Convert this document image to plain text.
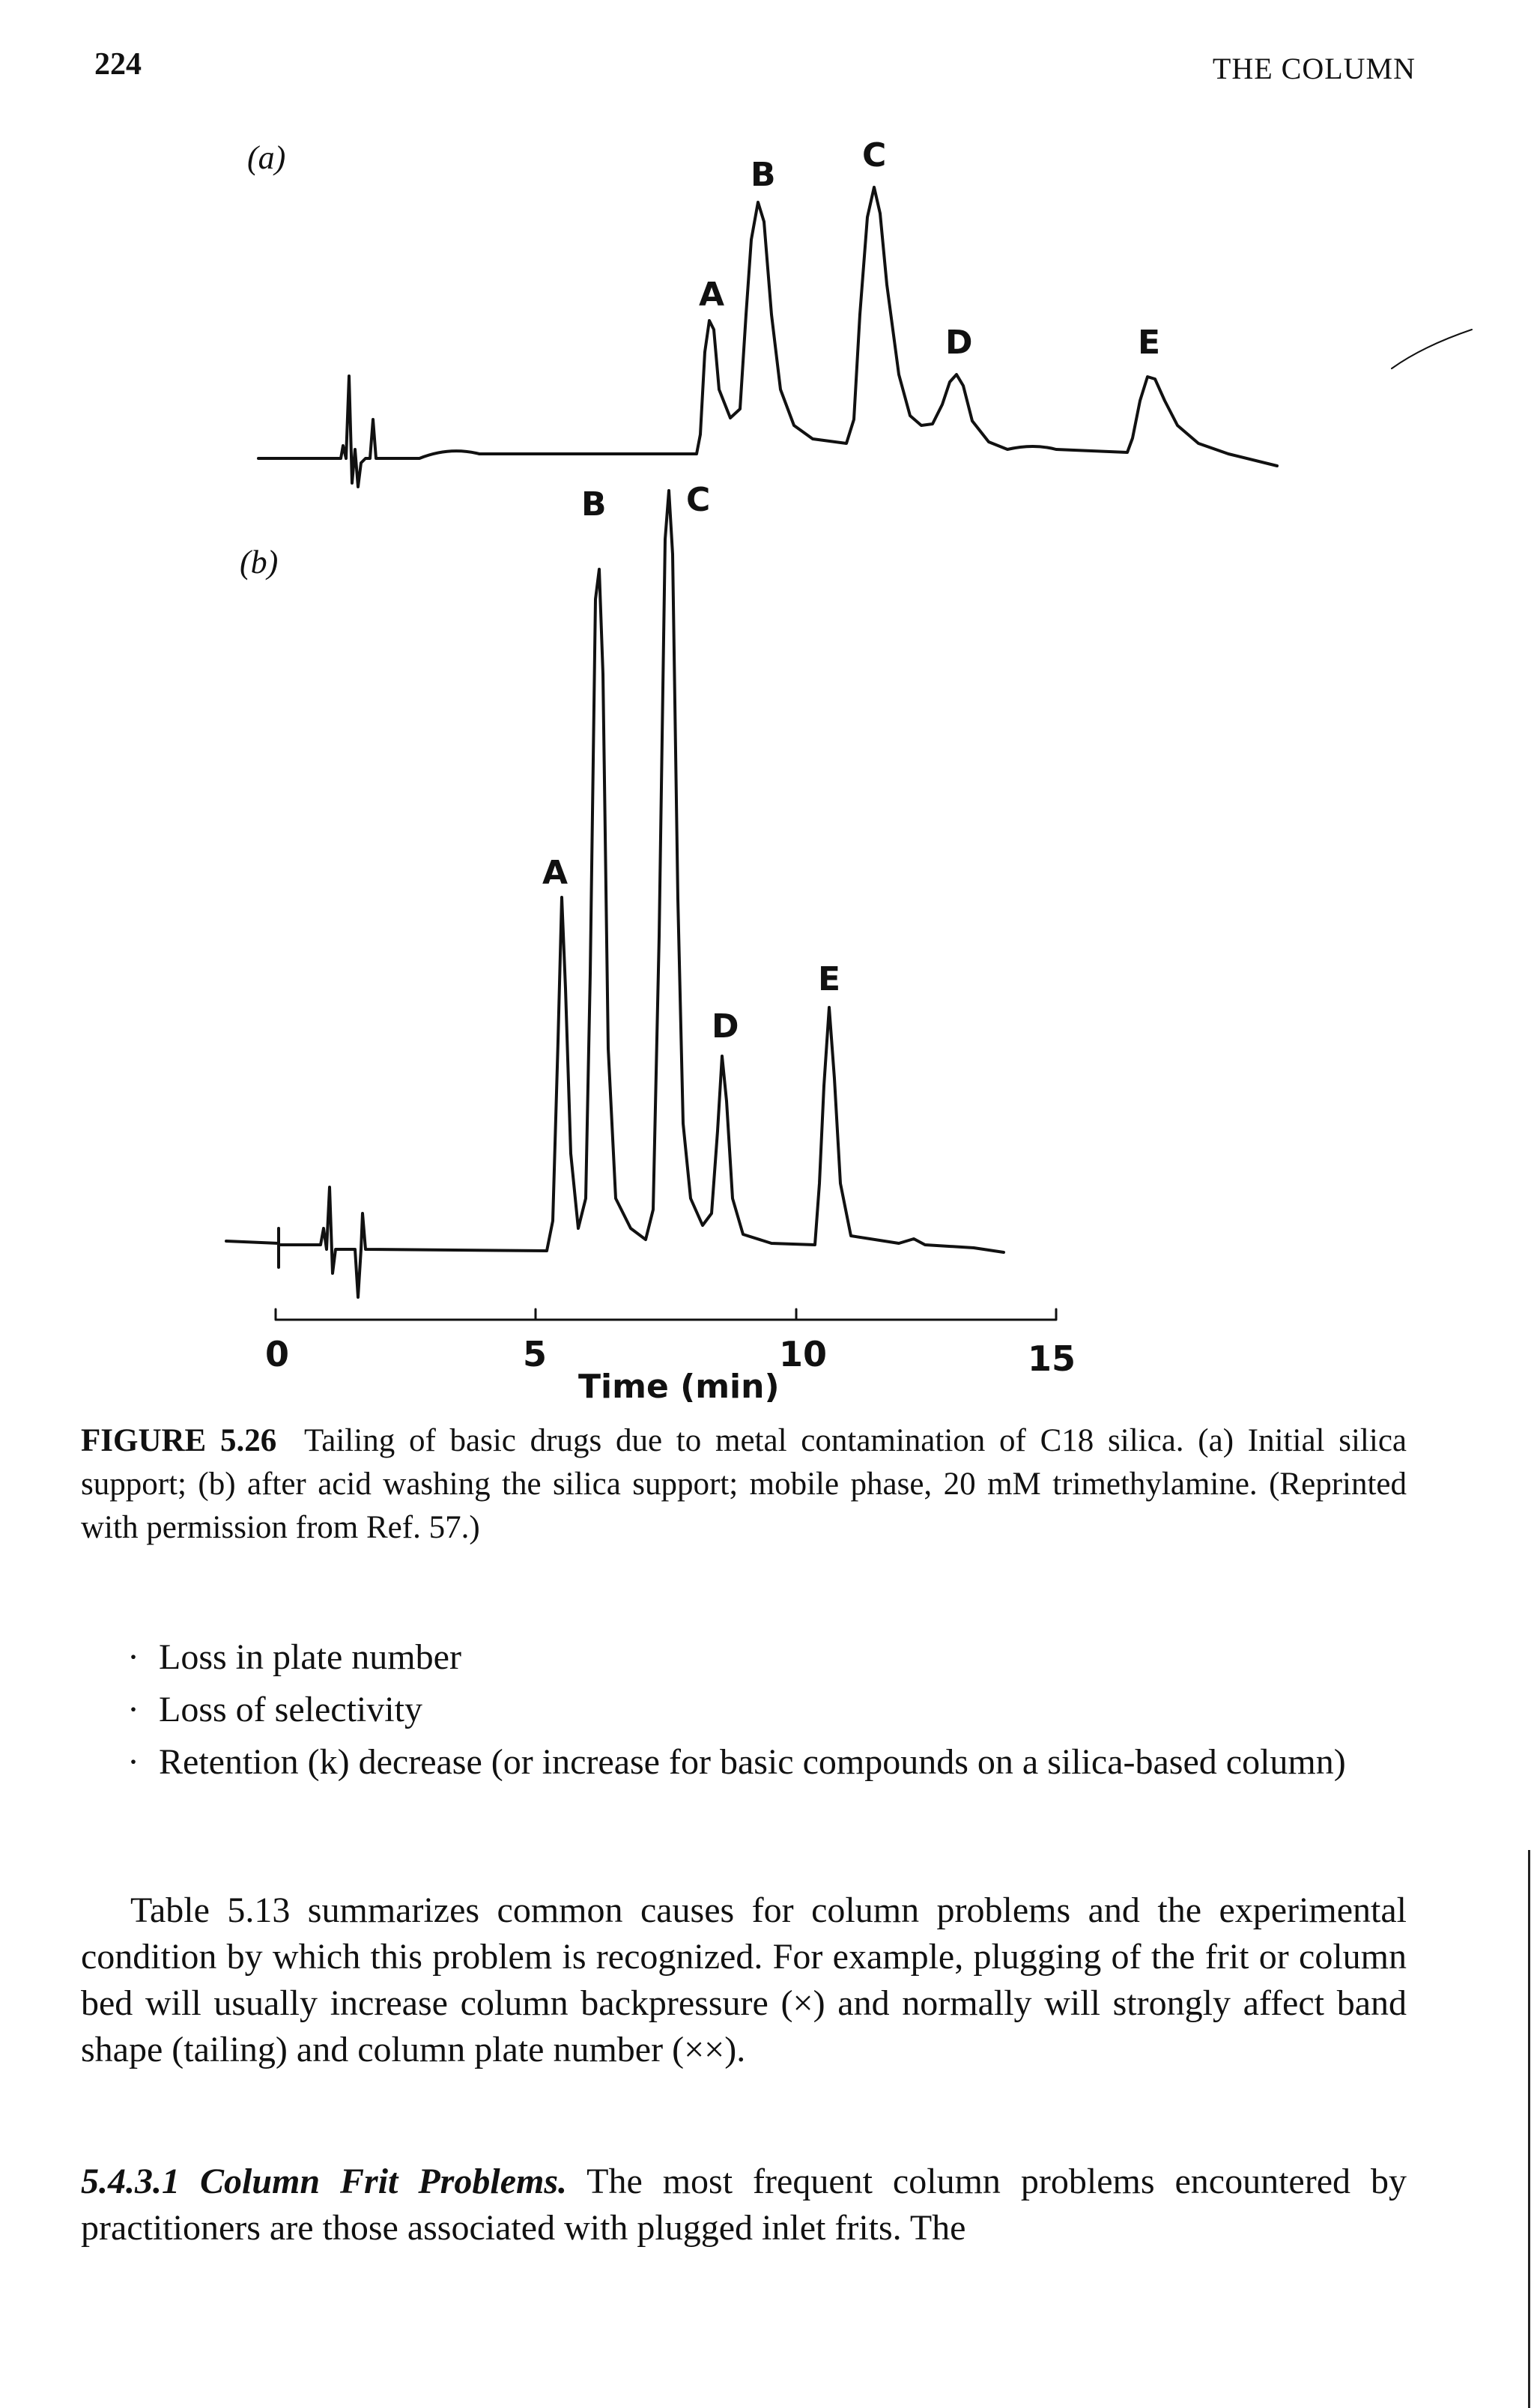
224	THE COLUMN
(a)
A
B
C
D	E
(b)
A
B C
D
E
0	5	10	15
Time (min)
FIGURE 5.26 Tailing of basic drugs due to metal contamination of C18 silica. (a) Initial silica support; (b) after acid washing the silica support; mobile phase, 20 mM trimethylamine. (Reprinted with permission from Ref. 57.)
· Loss in plate number
· Loss of selectivity
· Retention (k) decrease (or increase for basic compounds on a silica-based column)

Table 5.13 summarizes common causes for column problems and the experimental condition by which this problem is recognized. For example, plugging of the frit or column bed will usually increase column backpressure (×) and normally will strongly affect band shape (tailing) and column plate number (××).

5.4.3.1 Column Frit Problems. The most frequent column problems encountered by practitioners are those associated with plugged inlet frits. The
